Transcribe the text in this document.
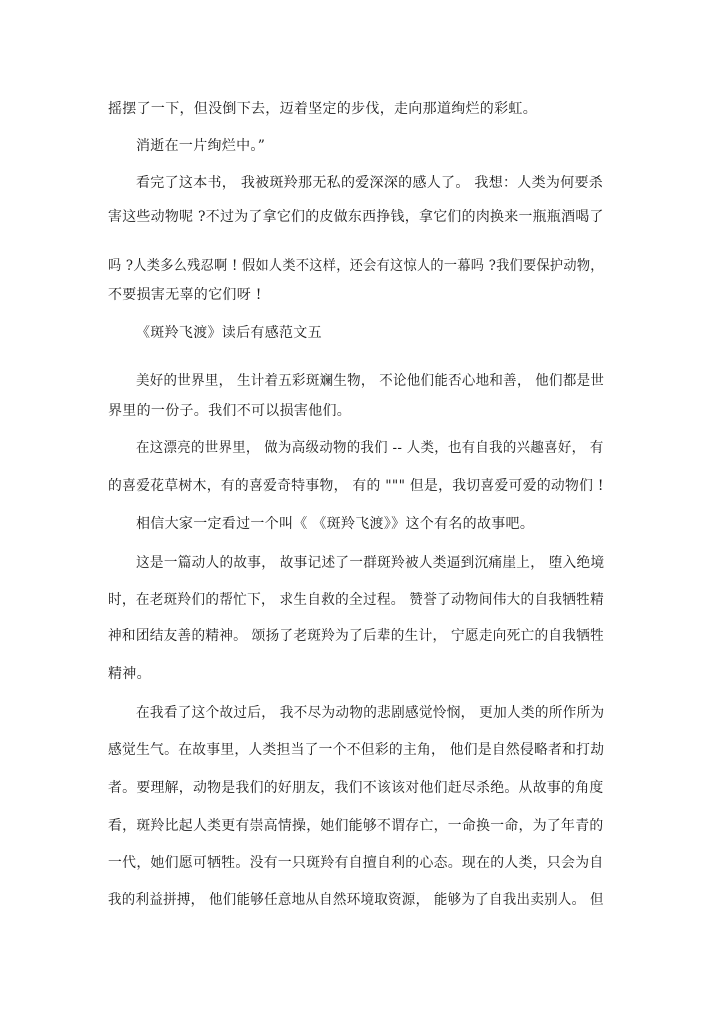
摇摆了一下，但没倒下去，迈着坚定的步伐，走向那道绚烂的彩虹。
消逝在一片绚烂中。”
看完了这本书， 我被斑羚那无私的爱深深的感人了。 我想：人类为何要杀
害这些动物呢 ?不过为了拿它们的皮做东西挣钱，拿它们的肉换来一瓶瓶酒喝了
吗 ?人类多么残忍啊 ! 假如人类不这样，还会有这惊人的一幕吗 ?我们要保护动物，
不要损害无辜的它们呀 !
《斑羚飞渡》读后有感范文五
美好的世界里， 生计着五彩斑斓生物， 不论他们能否心地和善， 他们都是世
界里的一份子。我们不可以损害他们。
在这漂亮的世界里， 做为高级动物的我们 -- 人类，也有自我的兴趣喜好， 有
的喜爱花草树木，有的喜爱奇特事物， 有的 """ 但是，我切喜爱可爱的动物们 !
相信大家一定看过一个叫《 《斑羚飞渡》》这个有名的故事吧。
这是一篇动人的故事， 故事记述了一群斑羚被人类逼到沉痛崖上， 堕入绝境
时，在老斑羚们的帮忙下， 求生自救的全过程。 赞誉了动物间伟大的自我牺牲精
神和团结友善的精神。 颂扬了老斑羚为了后辈的生计， 宁愿走向死亡的自我牺牲
精神。
在我看了这个故过后， 我不尽为动物的悲剧感觉怜悯， 更加人类的所作所为
感觉生气。在故事里，人类担当了一个不但彩的主角， 他们是自然侵略者和打劫
者。要理解，动物是我们的好朋友，我们不该该对他们赶尽杀绝。从故事的角度
看，斑羚比起人类更有崇高情操，她们能够不谓存亡，一命换一命，为了年青的
一代，她们愿可牺牲。没有一只斑羚有自擅自利的心态。现在的人类，只会为自
我的利益拼搏， 他们能够任意地从自然环境取资源， 能够为了自我出卖别人。 但
